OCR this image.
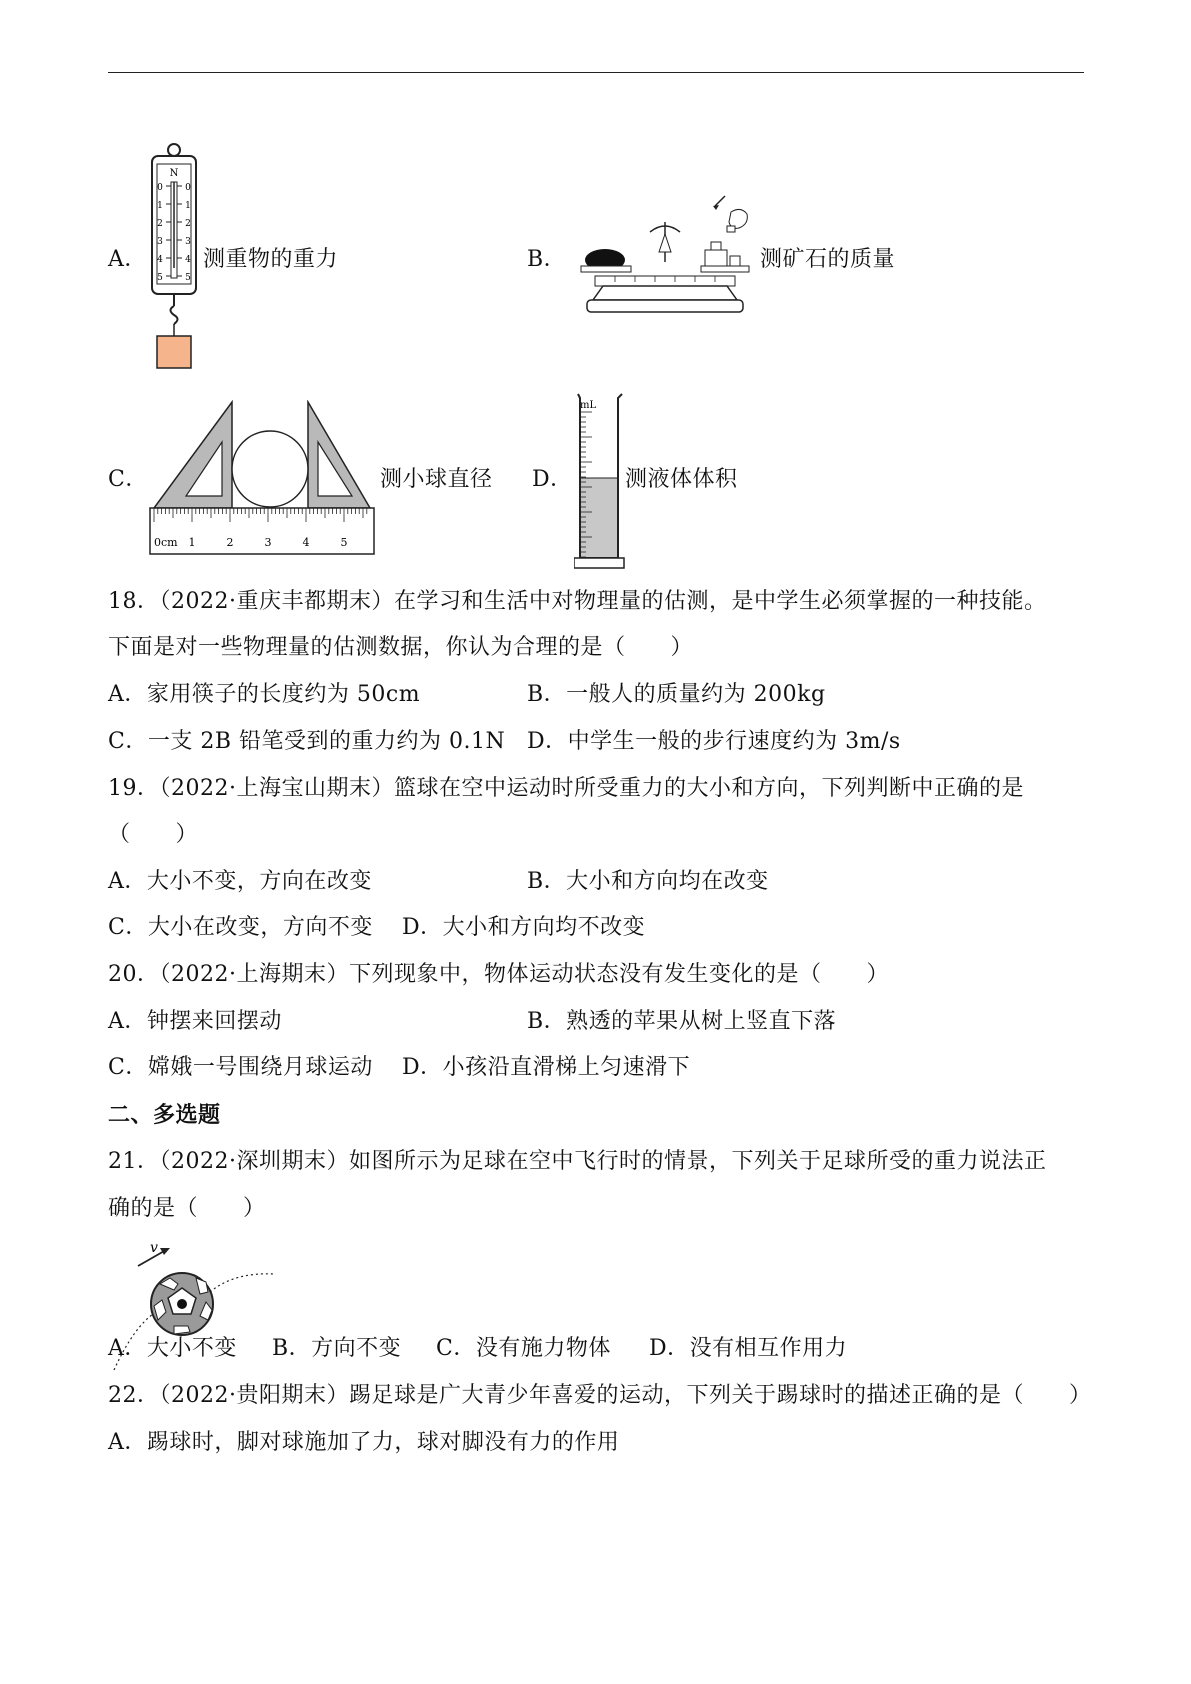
A．
N
0
1
2
3
4
5
0
1
2
3
4
5
测重物的重力	B．	测矿石的质量
C．
0cm 1	2	3	4	5
测小球直径 D．
mL
测液体体积
18．（2022·重庆丰都期末）在学习和生活中对物理量的估测，是中学生必须掌握的一种技能。
下面是对一些物理量的估测数据，你认为合理的是（　　）
A．家用筷子的长度约为 50cm	B．一般人的质量约为 200kg
C．一支 2B 铅笔受到的重力约为 0.1N D．中学生一般的步行速度约为 3m/s
19．（2022·上海宝山期末）篮球在空中运动时所受重力的大小和方向，下列判断中正确的是
（　　）
A．大小不变，方向在改变	B．大小和方向均在改变
C．大小在改变，方向不变 D．大小和方向均不改变
20．（2022·上海期末）下列现象中，物体运动状态没有发生变化的是（　　）
A．钟摆来回摆动	B．熟透的苹果从树上竖直下落
C．嫦娥一号围绕月球运动 D．小孩沿直滑梯上匀速滑下
二、多选题
21．（2022·深圳期末）如图所示为足球在空中飞行时的情景，下列关于足球所受的重力说法正
确的是（　　）
v
A．大小不变 B．方向不变 C．没有施力物体 D．没有相互作用力
22．（2022·贵阳期末）踢足球是广大青少年喜爱的运动，下列关于踢球时的描述正确的是（　　）
A．踢球时，脚对球施加了力，球对脚没有力的作用
